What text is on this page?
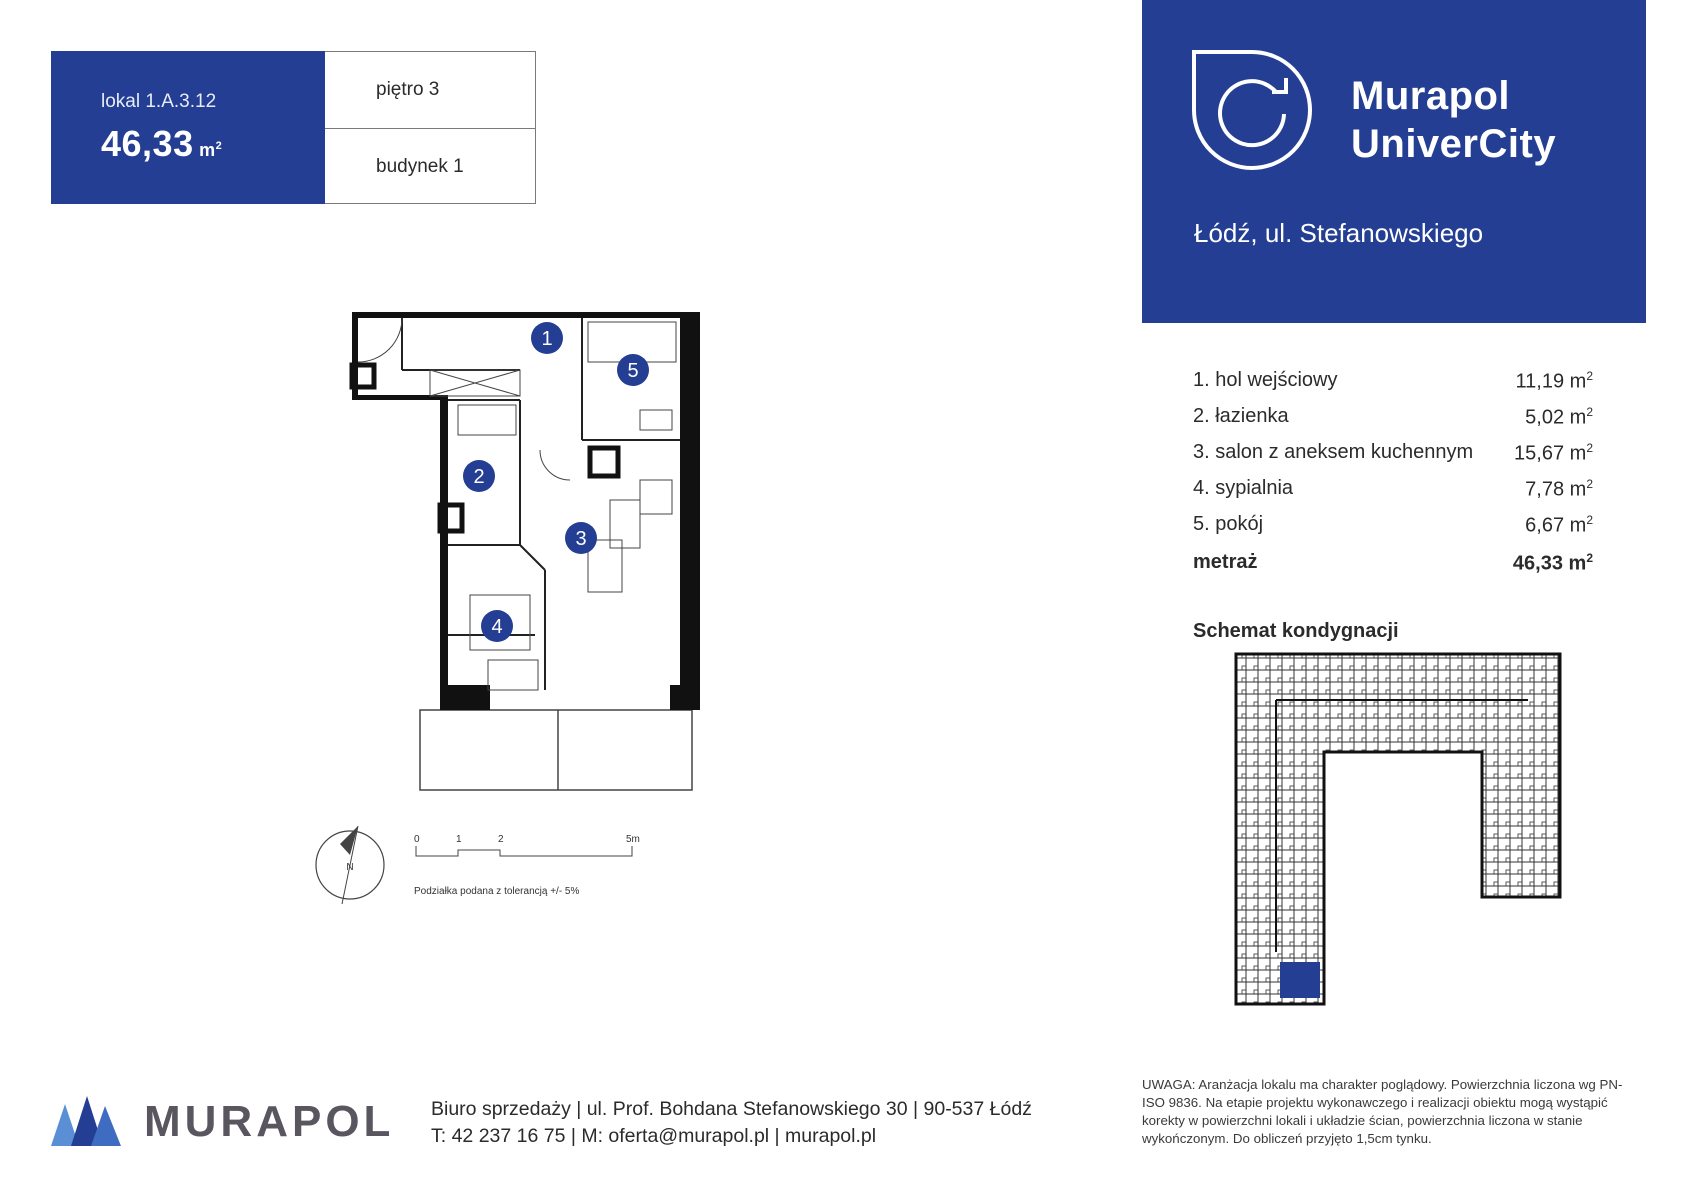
lokal 1.A.3.12
46,33 $m^2$
piętro 3
budynek 1
Murapol
UniverCity
Łódź, ul. Stefanowskiego
1. hol wejściowy	11,19 $m^2$
2. łazienka	5,02 $m^2$
3. salon z aneksem kuchennym 15,67 $m^2$
4. sypialnia	7,78 $m^2$
5. pokój	6,67 $m^2$
metraż	46,33 $m^2$
Schemat kondygnacji
1
2
3
4
5
N
0	1	2	5m
Podziałka podana z tolerancją +/- 5%
MURAPOL Biuro sprzedaży | ul. Prof. Bohdana Stefanowskiego 30 | 90-537 Łódź
T: 42 237 16 75 | M: oferta@murapol.pl | murapol.pl
UWAGA: Aranżacja lokalu ma charakter poglądowy. Powierzchnia liczona wg PN-ISO 9836. Na etapie projektu wykonawczego i realizacji obiektu mogą wystąpić korekty w powierzchni lokali i układzie ścian, powierzchnia liczona w stanie wykończonym. Do obliczeń przyjęto 1,5cm tynku.
